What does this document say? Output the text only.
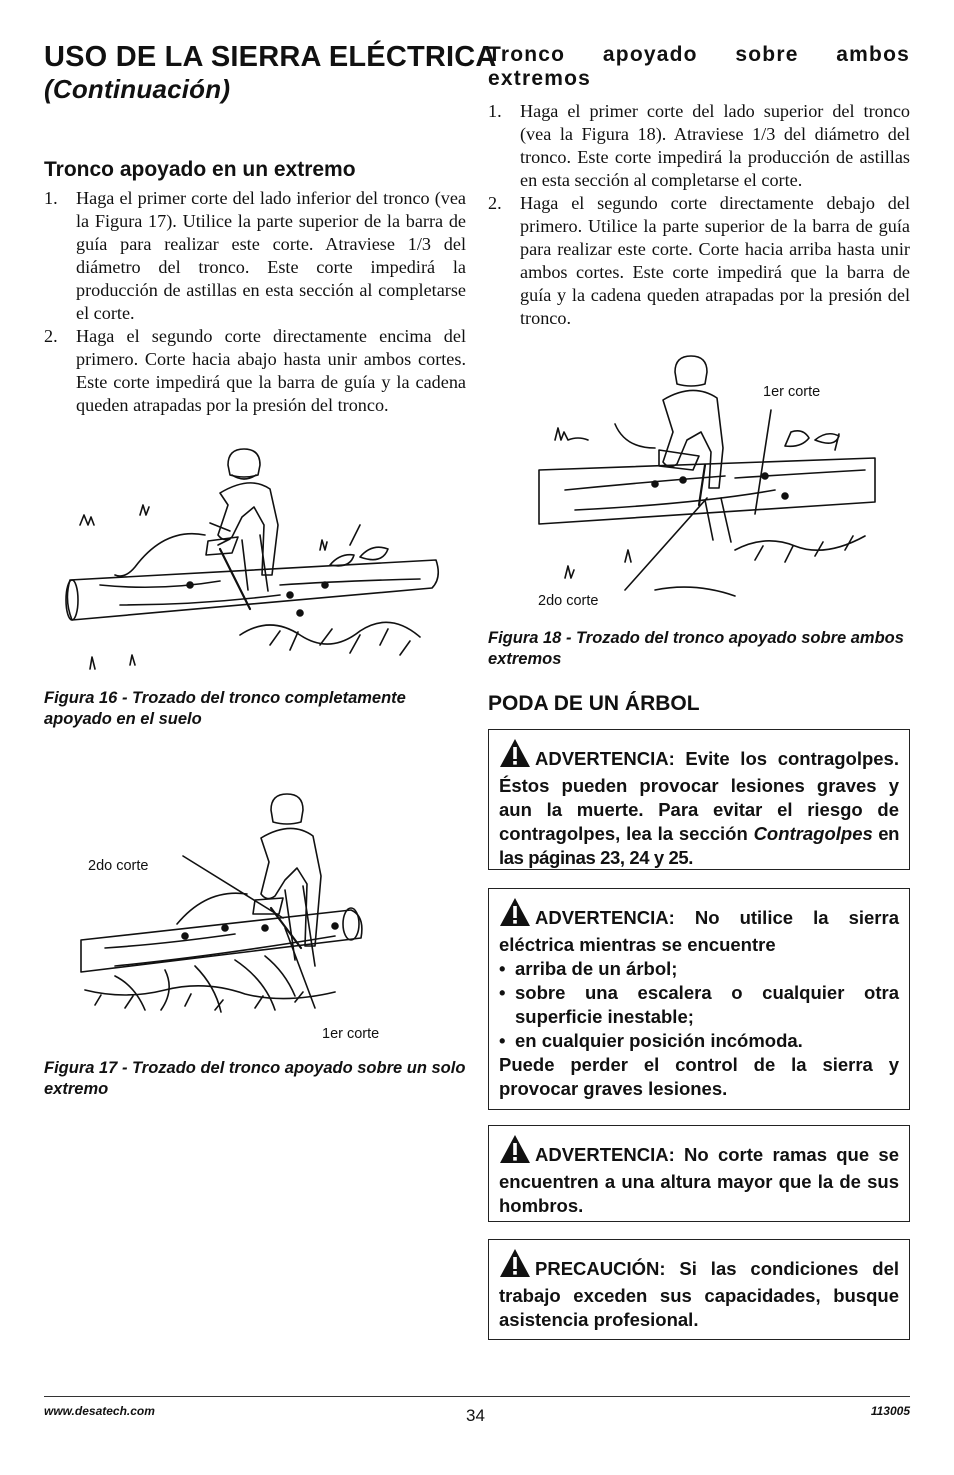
USO DE LA SIERRA ELÉCTRICA
(Continuación)
Tronco apoyado en un extremo
1. Haga el primer corte del lado inferior del tronco (vea la Figura 17). Utilice la parte superior de la barra de guía para realizar este corte. Atraviese 1/3 del diámetro del tronco. Este corte impedirá la producción de astillas en esta sección al completarse el corte.
2. Haga el segundo corte directamente encima del primero. Corte hacia abajo hasta unir ambos cortes. Este corte impedirá que la barra de guía y la cadena queden atrapadas por la presión del tronco.
Figura 16 - Trozado del tronco completamente apoyado en el suelo
2do corte
1er corte
Figura 17 - Trozado del tronco apoyado sobre un solo extremo
Tronco apoyado sobre ambos extremos
1. Haga el primer corte del lado superior del tronco (vea la Figura 18). Atraviese 1/3 del diámetro del tronco. Este corte impedirá la producción de astillas en esta sección al completarse el corte.
2. Haga el segundo corte directamente debajo del primero. Utilice la parte superior de la barra de guía para realizar este corte. Corte hacia arriba hasta unir ambos cortes. Este corte impedirá que la barra de guía y la cadena queden atrapadas por la presión del tronco.
1er corte
2do corte
Figura 18 - Trozado del tronco apoyado sobre ambos extremos
PODA DE UN ÁRBOL
ADVERTENCIA: Evite los contragolpes. Éstos pueden provocar lesiones graves y aun la muerte. Para evitar el riesgo de contragolpes, lea la sección Contragolpes en las páginas 23, 24 y 25.

ADVERTENCIA: No utilice la sierra eléctrica mientras se encuentre

• arriba de un árbol;
• sobre una escalera o cualquier otra superficie inestable;
• en cualquier posición incómoda.

Puede perder el control de la sierra y provocar graves lesiones.

ADVERTENCIA: No corte ramas que se encuentren a una altura mayor que la de sus hombros.
PRECAUCIÓN: Si las condiciones del trabajo exceden sus capacidades, busque asistencia profesional.
www.desatech.com	34	113005
